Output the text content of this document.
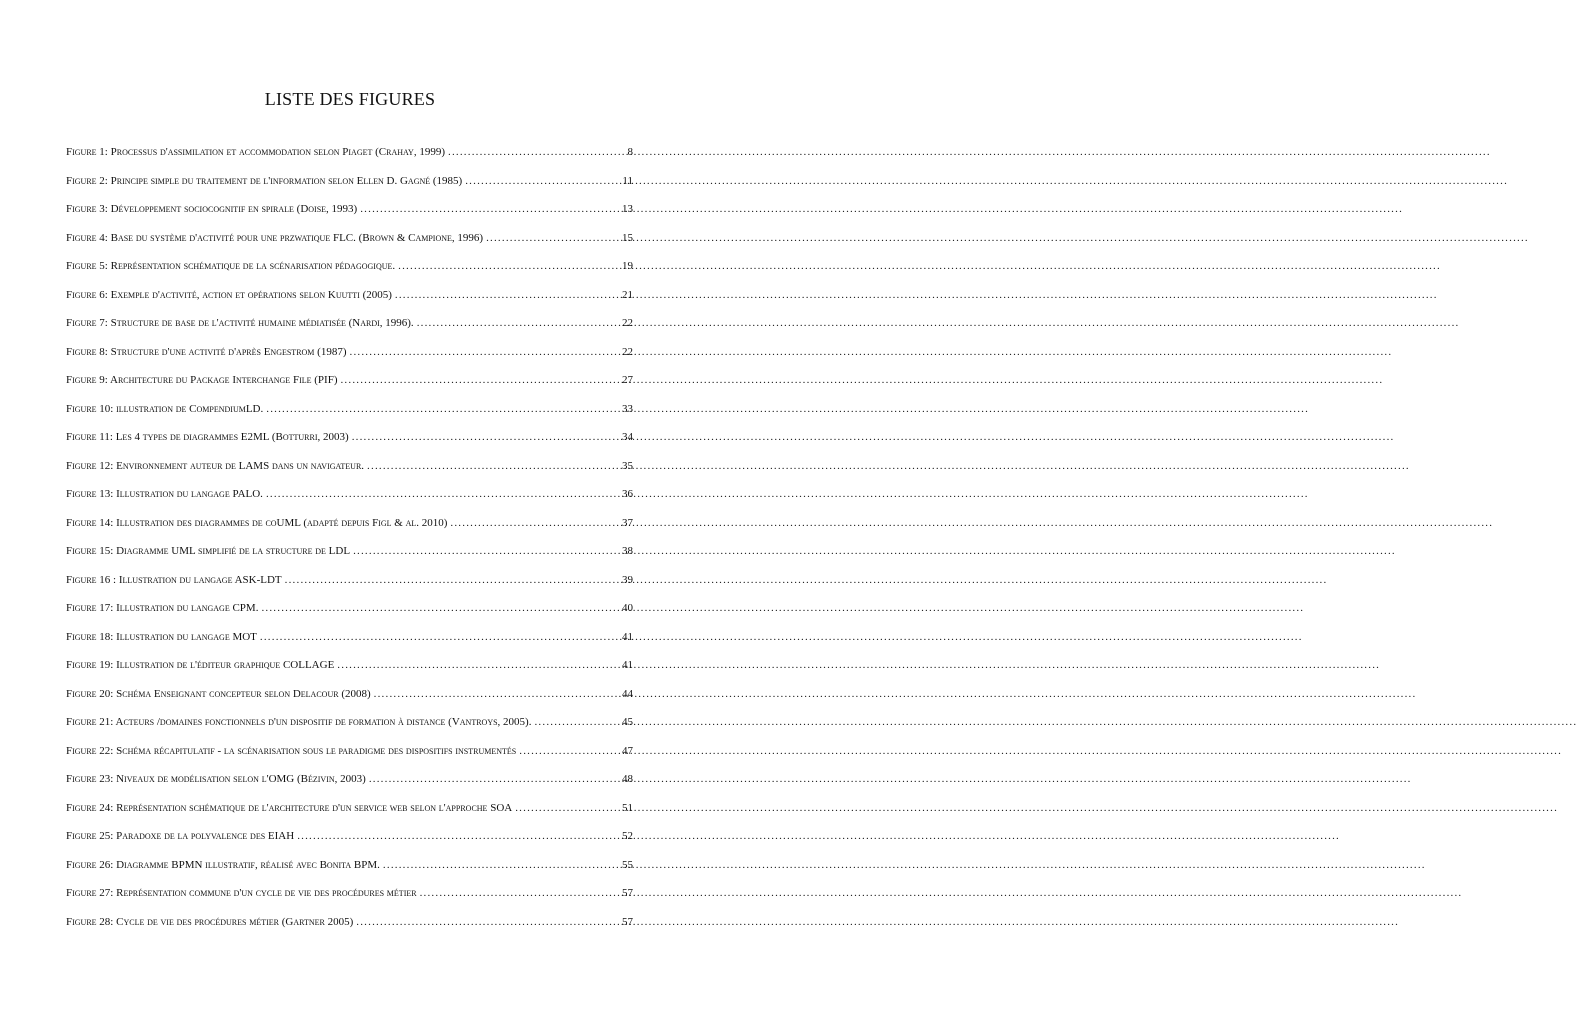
LISTE DES FIGURES
Figure 1: Processus d'assimilation et accommodation selon Piaget (Crahay, 1999) .....	8
Figure 2: Principe simple du traitement de l'information selon Ellen D. Gagné (1985) .....	11
Figure 3: Développement sociocognitif en spirale (Doise, 1993) .....	13
Figure 4: Base du système d'activité pour une przwatique FLC. (Brown & Campione, 1996) .....	15
Figure 5: Représentation schématique de la scénarisation pédagogique. .....	19
Figure 6: Exemple d'activité, action et opérations selon Kuutti (2005) .....	21
Figure 7: Structure de base de l'activité humaine médiatisée (Nardi, 1996). .....	22
Figure 8: Structure d'une activité d'après Engestrom (1987) .....	22
Figure 9: Architecture du Package Interchange File (PIF) .....	27
Figure 10: illustration de CompendiumLD. .....	33
Figure 11: Les 4 types de diagrammes E2ML (Botturri, 2003) .....	34
Figure 12: Environnement auteur de LAMS dans un navigateur. .....	35
Figure 13: Illustration du langage PALO. .....	36
Figure 14: Illustration des diagrammes de coUML (adapté depuis Figl & al. 2010) .....	37
Figure 15: Diagramme UML simplifié de la structure de LDL .....	38
Figure 16 : Illustration du langage ASK-LDT .....	39
Figure 17: Illustration du langage CPM. .....	40
Figure 18: Illustration du langage MOT .....	41
Figure 19: Illustration de l'éditeur graphique COLLAGE .....	41
Figure 20: Schéma Enseignant concepteur selon Delacour (2008) .....	44
Figure 21: Acteurs /domaines fonctionnels d'un dispositif de formation à distance (Vantroys, 2005). .....	45
Figure 22: Schéma récapitulatif - la scénarisation sous le paradigme des dispositifs instrumentés .....	47
Figure 23: Niveaux de modélisation selon l'OMG (Bézivin, 2003) .....	48
Figure 24: Représentation schématique de l'architecture d'un service web selon l'approche SOA .....	51
Figure 25: Paradoxe de la polyvalence des EIAH .....	52
Figure 26: Diagramme BPMN illustratif, réalisé avec Bonita BPM. .....	55
Figure 27: Représentation commune d'un cycle de vie des procédures métier .....	57
Figure 28: Cycle de vie des procédures métier (Gartner 2005) .....	57
